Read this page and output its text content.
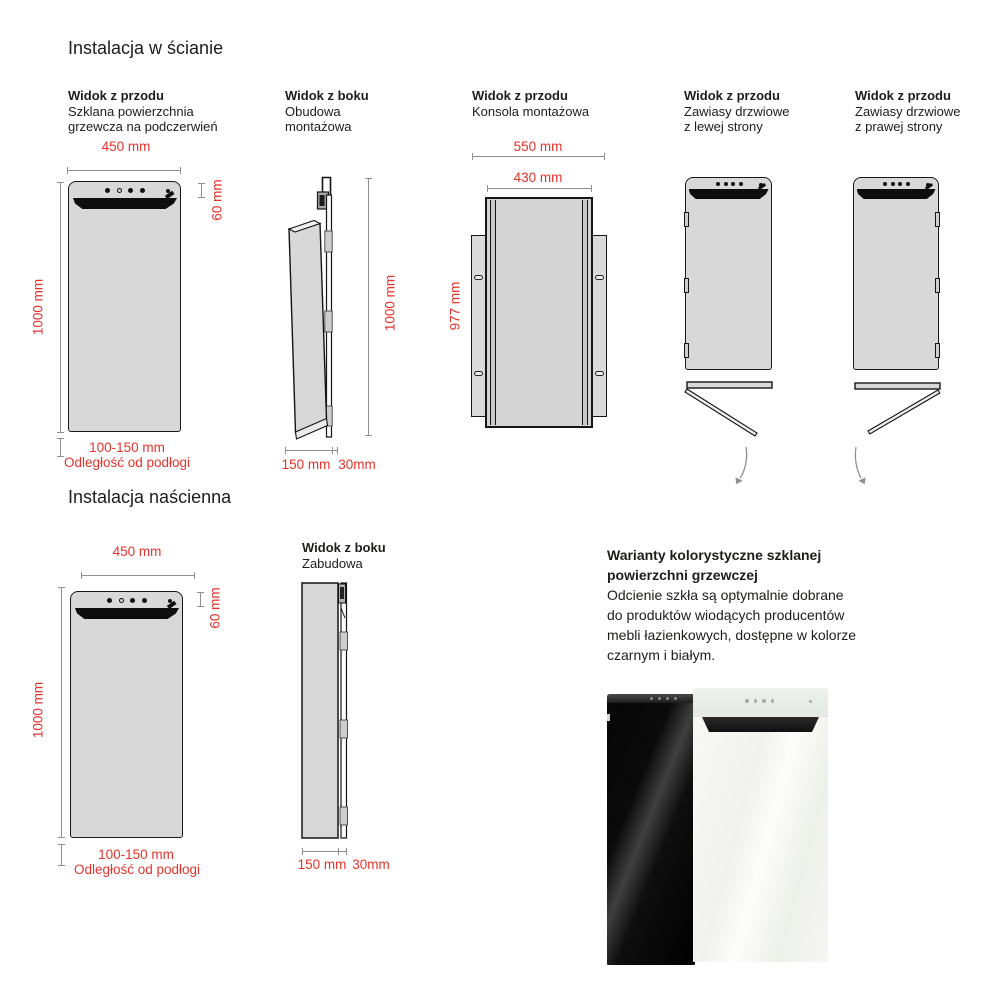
Instalacja w ścianie
Widok z przodu
Szklana powierzchnia
grzewcza na podczerwień
Widok z boku
Obudowa
montażowa
Widok z przodu
Konsola montażowa
Widok z przodu
Zawiasy drzwiowe
z lewej strony
Widok z przodu
Zawiasy drzwiowe
z prawej strony
450 mm
60 mm
1000 mm
100-150 mm
Odległość od podłogi
1000 mm
150 mm 30mm
550 mm
430 mm
977 mm
Instalacja naścienna
450 mm
60 mm
1000 mm
100-150 mm
Odległość od podłogi
Widok z boku
Zabudowa
150 mm 30mm
Warianty kolorystyczne szklanej
powierzchni grzewczej
Odcienie szkła są optymalnie dobrane
do produktów wiodących producentów
mebli łazienkowych, dostępne w kolorze
czarnym i białym.
